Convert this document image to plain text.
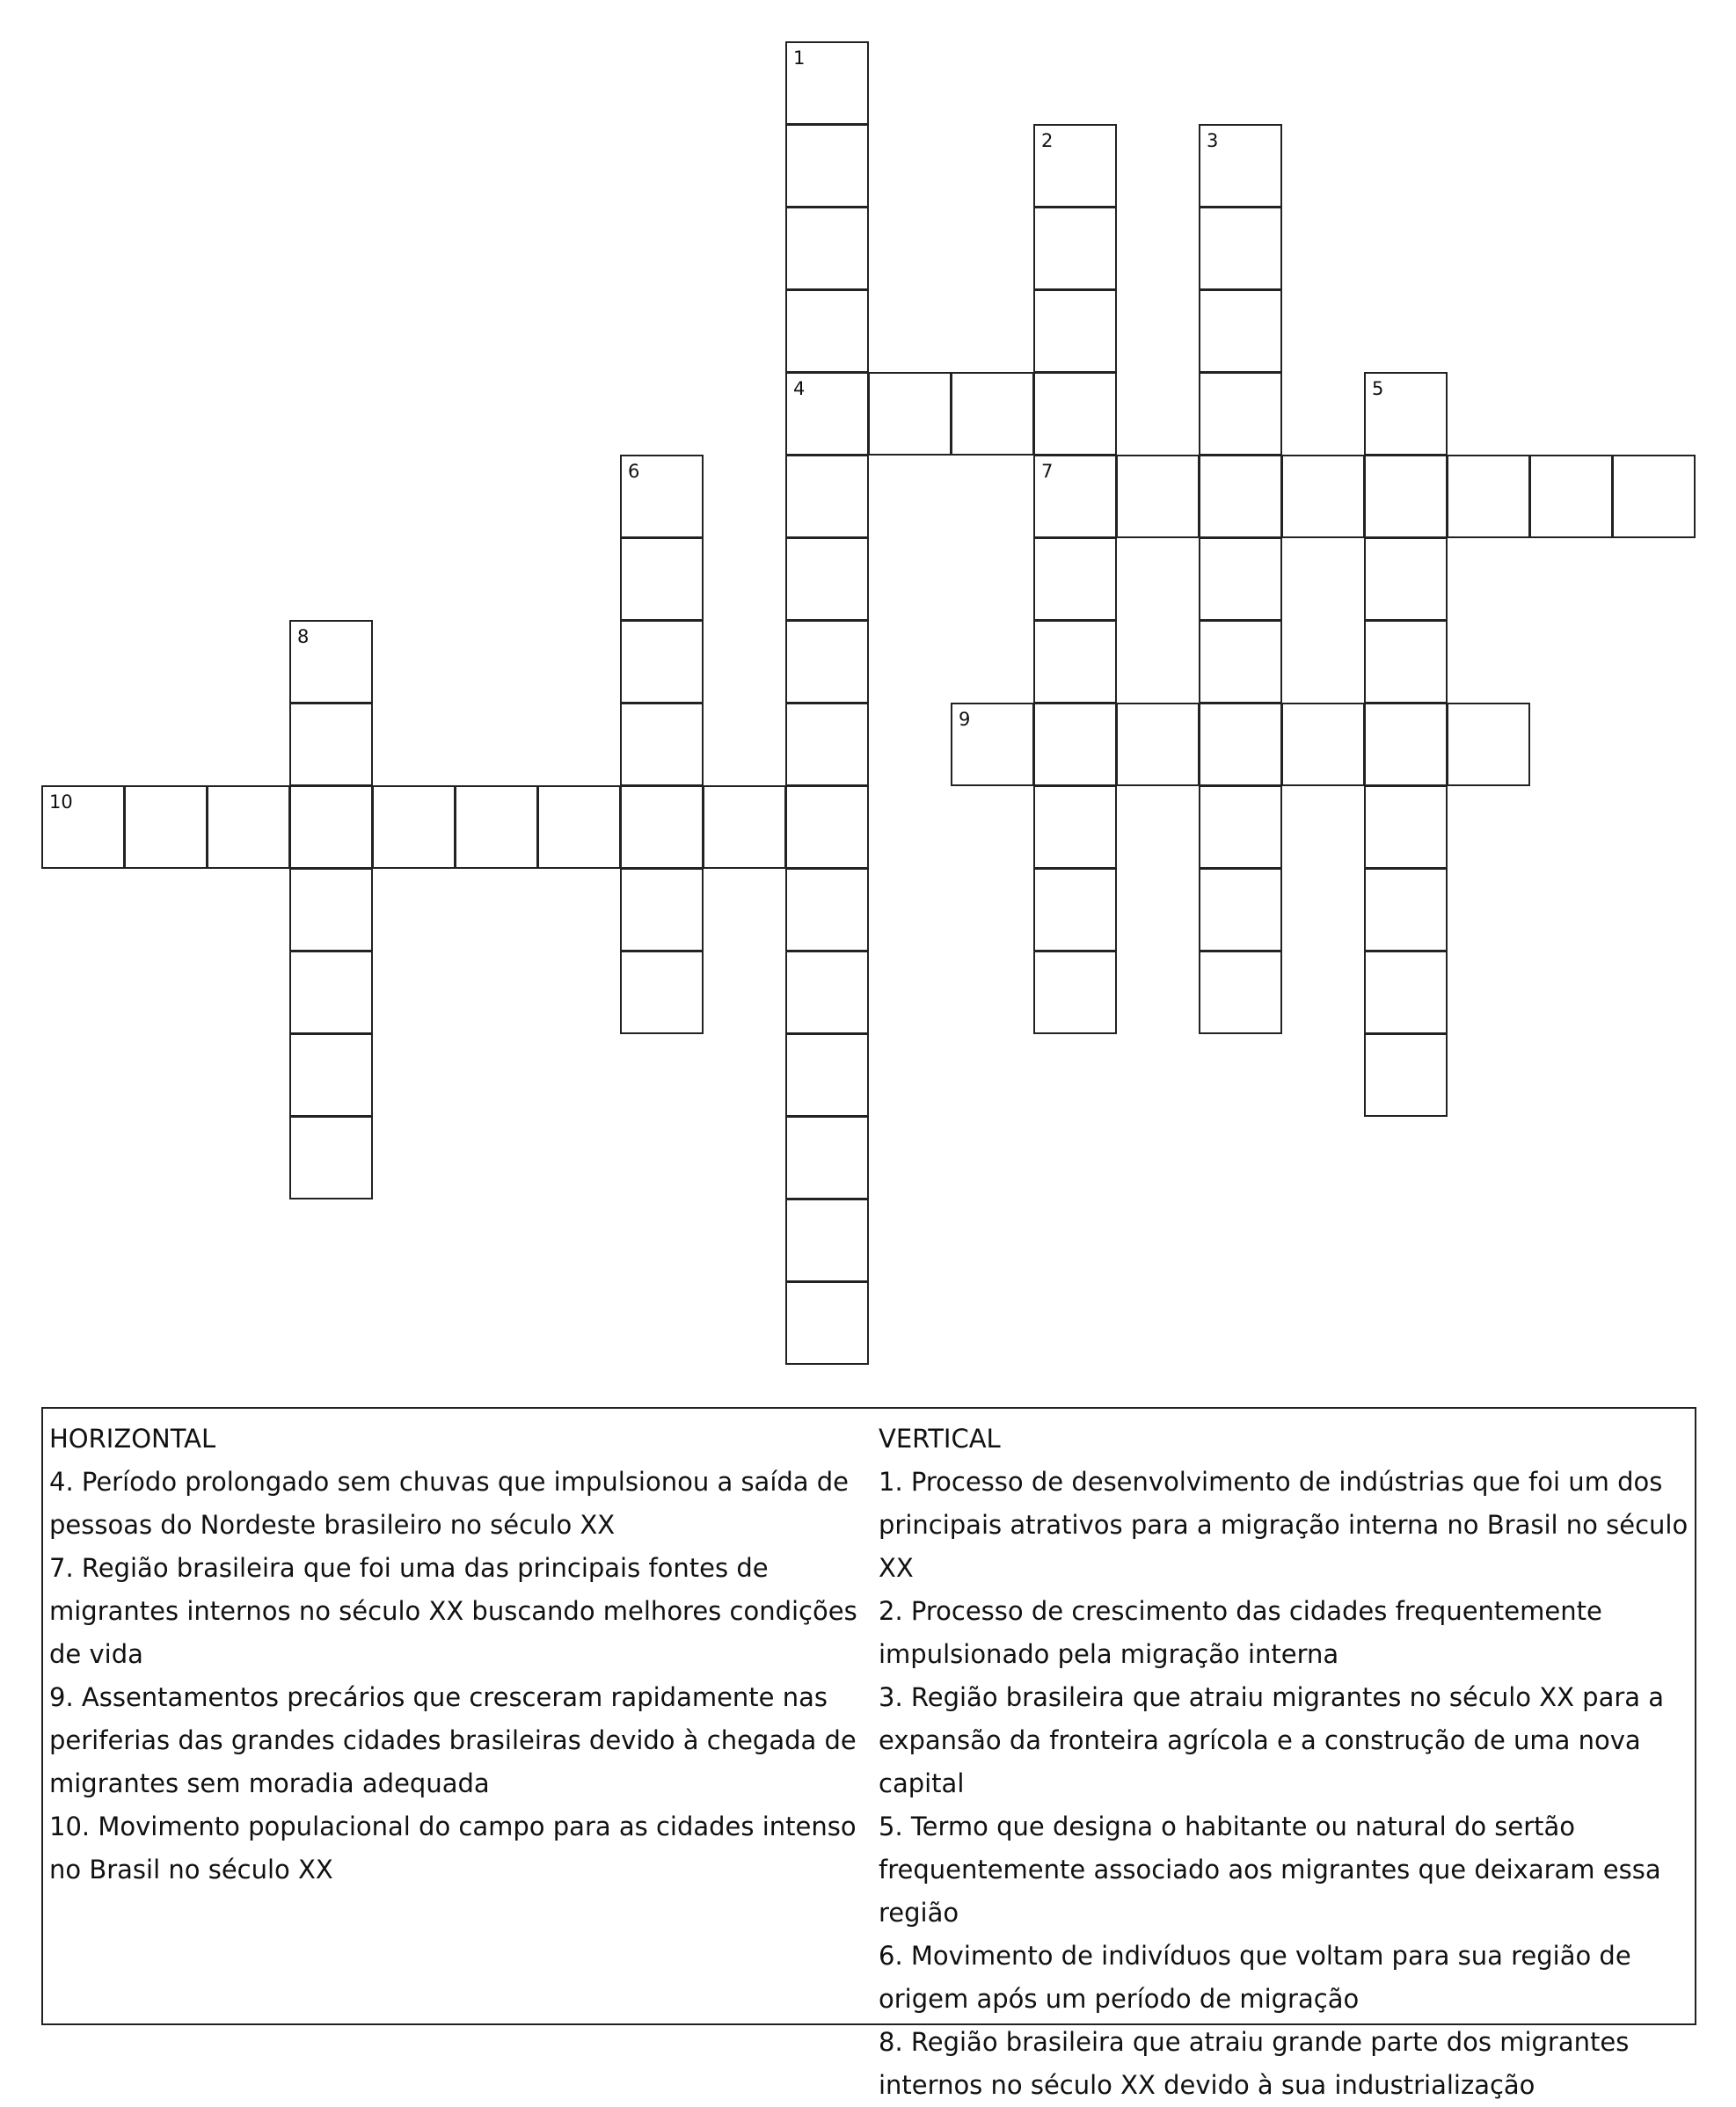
1
4
2
7
3
5
6
8
9
10

HORIZONTAL

4. Período prolongado sem chuvas que impulsionou a saída de pessoas do Nordeste brasileiro no século XX

7. Região brasileira que foi uma das principais fontes de migrantes internos no século XX buscando melhores condições de vida

9. Assentamentos precários que cresceram rapidamente nas periferias das grandes cidades brasileiras devido à chegada de migrantes sem moradia adequada

10. Movimento populacional do campo para as cidades intenso no Brasil no século XX

VERTICAL

1. Processo de desenvolvimento de indústrias que foi um dos principais atrativos para a migração interna no Brasil no século XX

2. Processo de crescimento das cidades frequentemente impulsionado pela migração interna

3. Região brasileira que atraiu migrantes no século XX para a expansão da fronteira agrícola e a construção de uma nova capital

5. Termo que designa o habitante ou natural do sertão frequentemente associado aos migrantes que deixaram essa região

6. Movimento de indivíduos que voltam para sua região de origem após um período de migração

8. Região brasileira que atraiu grande parte dos migrantes internos no século XX devido à sua industrialização
